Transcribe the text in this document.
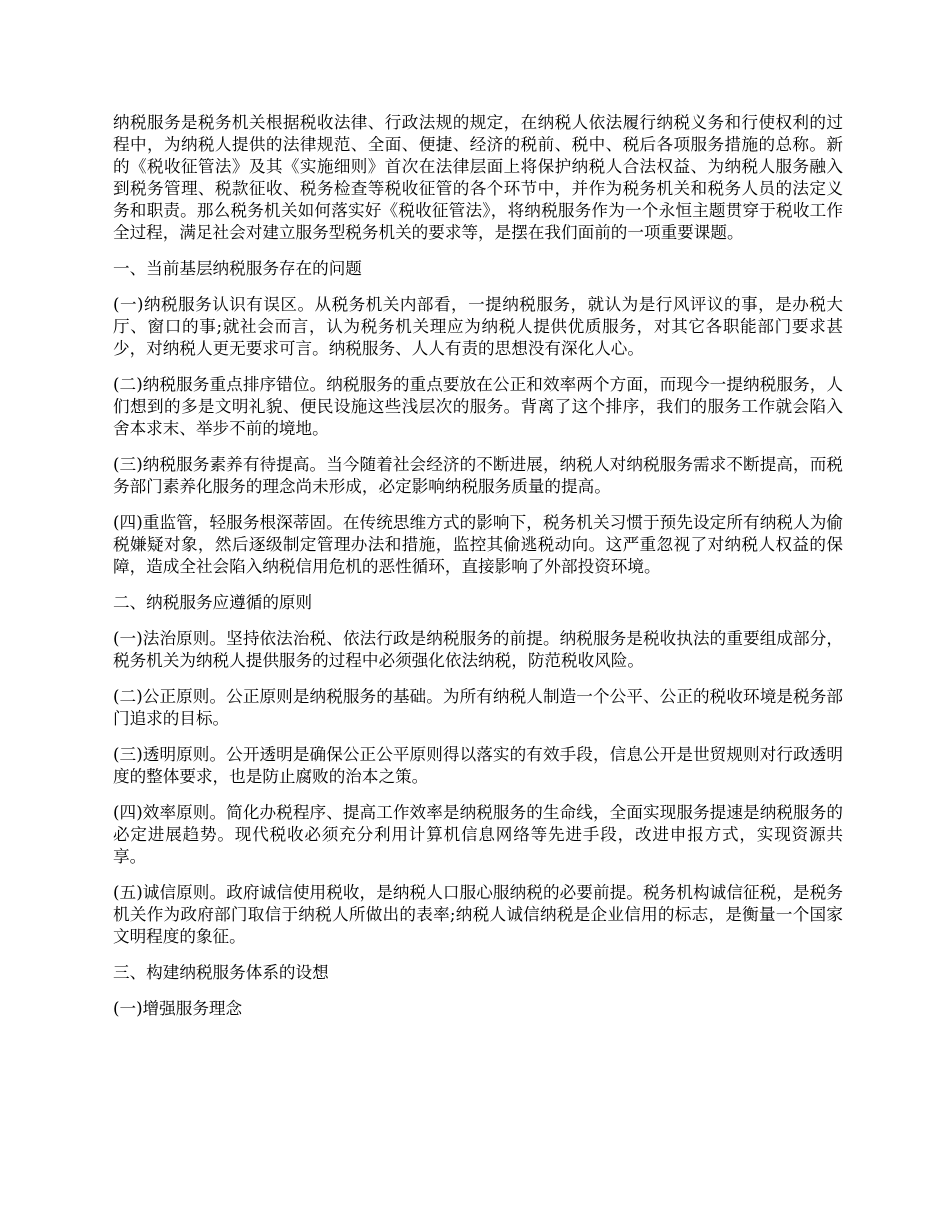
纳税服务是税务机关根据税收法律、行政法规的规定，在纳税人依法履行纳税义务和行使权利的过程中，为纳税人提供的法律规范、全面、便捷、经济的税前、税中、税后各项服务措施的总称。新的《税收征管法》及其《实施细则》首次在法律层面上将保护纳税人合法权益、为纳税人服务融入到税务管理、税款征收、税务检查等税收征管的各个环节中，并作为税务机关和税务人员的法定义务和职责。那么税务机关如何落实好《税收征管法》，将纳税服务作为一个永恒主题贯穿于税收工作全过程，满足社会对建立服务型税务机关的要求等，是摆在我们面前的一项重要课题。

一、当前基层纳税服务存在的问题

(一)纳税服务认识有误区。从税务机关内部看，一提纳税服务，就认为是行风评议的事，是办税大厅、窗口的事;就社会而言，认为税务机关理应为纳税人提供优质服务，对其它各职能部门要求甚少，对纳税人更无要求可言。纳税服务、人人有责的思想没有深化人心。

(二)纳税服务重点排序错位。纳税服务的重点要放在公正和效率两个方面，而现今一提纳税服务，人们想到的多是文明礼貌、便民设施这些浅层次的服务。背离了这个排序，我们的服务工作就会陷入舍本求末、举步不前的境地。

(三)纳税服务素养有待提高。当今随着社会经济的不断进展，纳税人对纳税服务需求不断提高，而税务部门素养化服务的理念尚未形成，必定影响纳税服务质量的提高。

(四)重监管，轻服务根深蒂固。在传统思维方式的影响下，税务机关习惯于预先设定所有纳税人为偷税嫌疑对象，然后逐级制定管理办法和措施，监控其偷逃税动向。这严重忽视了对纳税人权益的保障，造成全社会陷入纳税信用危机的恶性循环，直接影响了外部投资环境。

二、纳税服务应遵循的原则

(一)法治原则。坚持依法治税、依法行政是纳税服务的前提。纳税服务是税收执法的重要组成部分，税务机关为纳税人提供服务的过程中必须强化依法纳税，防范税收风险。

(二)公正原则。公正原则是纳税服务的基础。为所有纳税人制造一个公平、公正的税收环境是税务部门追求的目标。

(三)透明原则。公开透明是确保公正公平原则得以落实的有效手段，信息公开是世贸规则对行政透明度的整体要求，也是防止腐败的治本之策。

(四)效率原则。简化办税程序、提高工作效率是纳税服务的生命线，全面实现服务提速是纳税服务的必定进展趋势。现代税收必须充分利用计算机信息网络等先进手段，改进申报方式，实现资源共享。

(五)诚信原则。政府诚信使用税收，是纳税人口服心服纳税的必要前提。税务机构诚信征税，是税务机关作为政府部门取信于纳税人所做出的表率;纳税人诚信纳税是企业信用的标志，是衡量一个国家文明程度的象征。

三、构建纳税服务体系的设想

(一)增强服务理念
